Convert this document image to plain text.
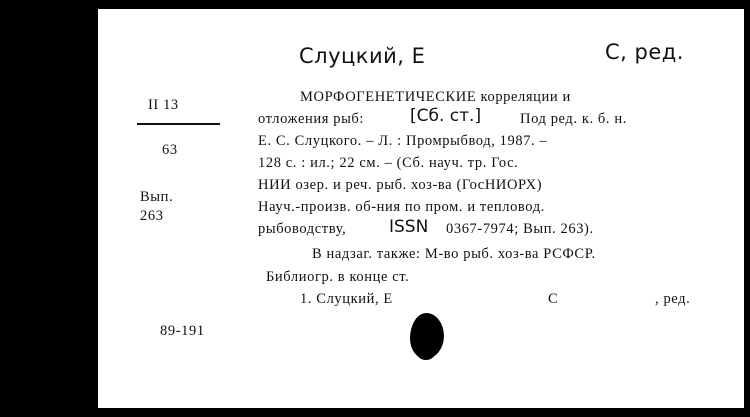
Слуцкий, Е	С, ред.
II 13
63
Вып.
263
89-191
МОРФОГЕНЕТИЧЕСКИЕ корреляции и
отложения рыб:	[Сб. ст.]	Под ред. к. б. н.
Е. С. Слуцкого. – Л. : Промрыбвод, 1987. –
128 с. : ил.; 22 см. – (Сб. науч. тр. Гос.
НИИ озер. и реч. рыб. хоз-ва (ГосНИОРХ)
Науч.-произв. об-ния по пром. и тепловод.
рыбоводству,	ISSN 0367-7974; Вып. 263).
В надзаг. также: М-во рыб. хоз-ва РСФСР.
Библиогр. в конце ст.
1. Слуцкий, Е	С	, ред.
